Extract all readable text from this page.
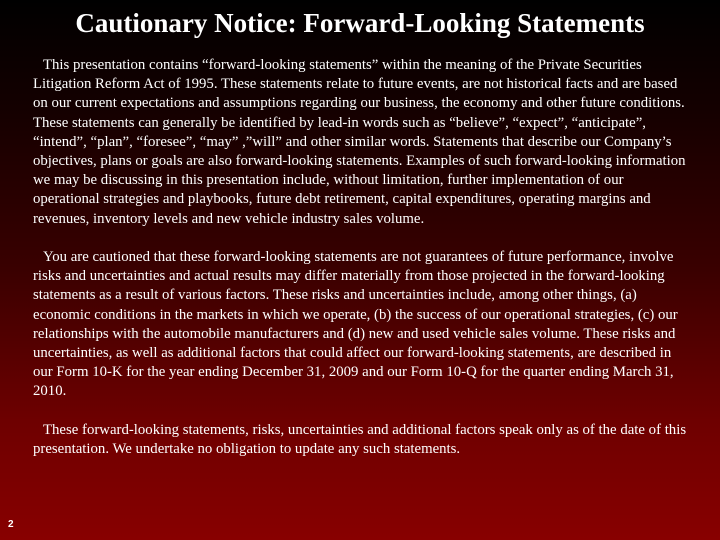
Cautionary Notice: Forward-Looking Statements

This presentation contains “forward-looking statements” within the meaning of the Private Securities Litigation Reform Act of 1995. These statements relate to future events, are not historical facts and are based on our current expectations and assumptions regarding our business, the economy and other future conditions. These statements can generally be identified by lead-in words such as “believe”, “expect”, “anticipate”, “intend”, “plan”, “foresee”, “may” ,”will” and other similar words. Statements that describe our Company’s objectives, plans or goals are also forward-looking statements. Examples of such forward-looking information we may be discussing in this presentation include, without limitation, further implementation of our operational strategies and playbooks, future debt retirement, capital expenditures, operating margins and revenues, inventory levels and new vehicle industry sales volume.

You are cautioned that these forward-looking statements are not guarantees of future performance, involve risks and uncertainties and actual results may differ materially from those projected in the forward-looking statements as a result of various factors. These risks and uncertainties include, among other things, (a) economic conditions in the markets in which we operate, (b) the success of our operational strategies, (c) our relationships with the automobile manufacturers and (d) new and used vehicle sales volume. These risks and uncertainties, as well as additional factors that could affect our forward-looking statements, are described in our Form 10-K for the year ending December 31, 2009 and our Form 10-Q for the quarter ending March 31, 2010.

These forward-looking statements, risks, uncertainties and additional factors speak only as of the date of this presentation. We undertake no obligation to update any such statements.

2
